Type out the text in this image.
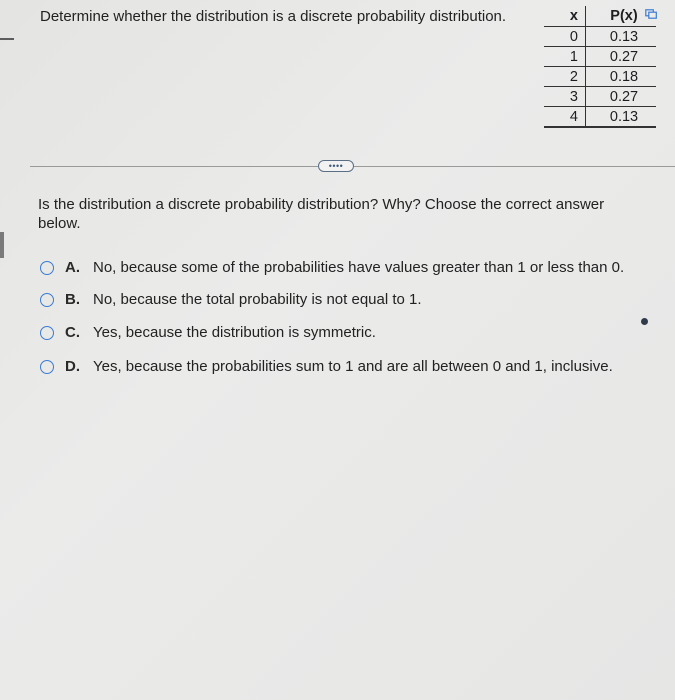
Determine whether the distribution is a discrete probability distribution.	x	P(x)
0	0.13
1	0.27
2	0.18
3	0.27
4	0.13
••••
Is the distribution a discrete probability distribution? Why? Choose the correct answer below.
A. No, because some of the probabilities have values greater than 1 or less than 0.
B. No, because the total probability is not equal to 1.
C. Yes, because the distribution is symmetric.
D. Yes, because the probabilities sum to 1 and are all between 0 and 1, inclusive.
